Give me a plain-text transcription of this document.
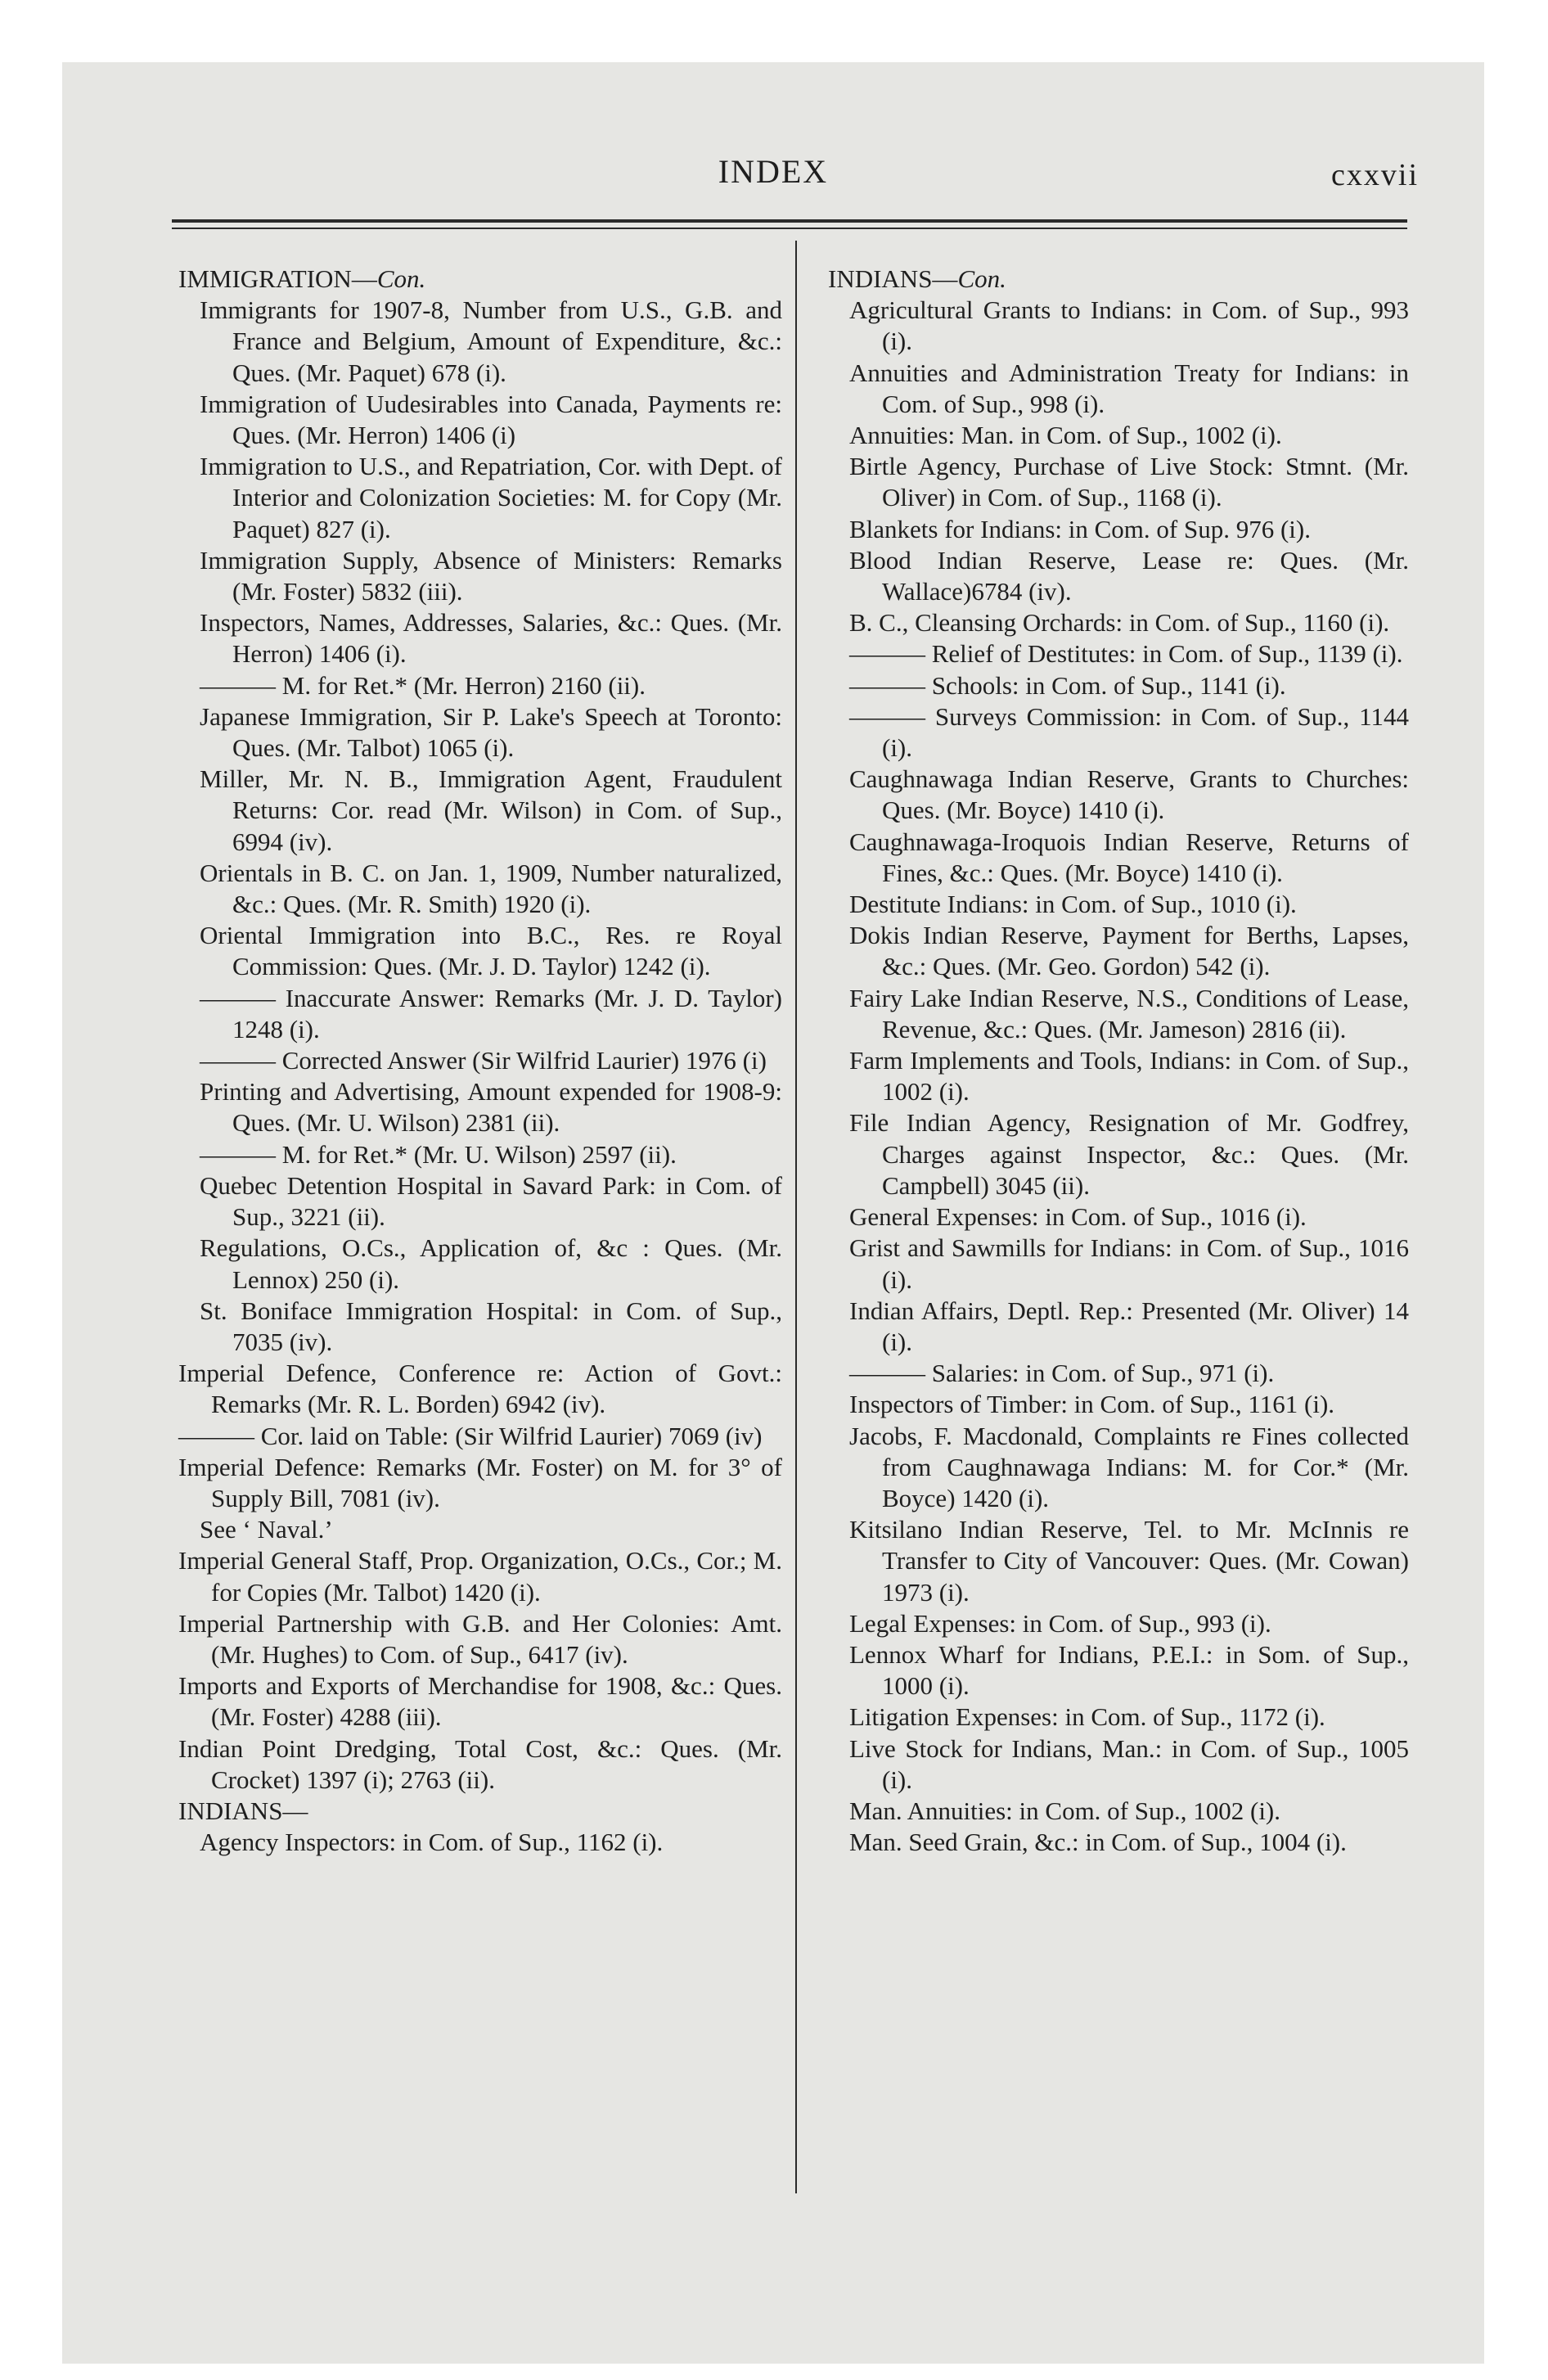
INDEX	cxxvii

IMMIGRATION—Con.

Immigrants for 1907-8, Number from U.S., G.B. and France and Belgium, Amount of Expenditure, &c.: Ques. (Mr. Paquet) 678 (i).

Immigration of Uudesirables into Canada, Payments re: Ques. (Mr. Herron) 1406 (i)

Immigration to U.S., and Repatriation, Cor. with Dept. of Interior and Colonization Societies: M. for Copy (Mr. Paquet) 827 (i).

Immigration Supply, Absence of Ministers: Remarks (Mr. Foster) 5832 (iii).

Inspectors, Names, Addresses, Salaries, &c.: Ques. (Mr. Herron) 1406 (i).

——— M. for Ret.* (Mr. Herron) 2160 (ii).

Japanese Immigration, Sir P. Lake's Speech at Toronto: Ques. (Mr. Talbot) 1065 (i).

Miller, Mr. N. B., Immigration Agent, Fraudulent Returns: Cor. read (Mr. Wilson) in Com. of Sup., 6994 (iv).

Orientals in B. C. on Jan. 1, 1909, Number naturalized, &c.: Ques. (Mr. R. Smith) 1920 (i).

Oriental Immigration into B.C., Res. re Royal Commission: Ques. (Mr. J. D. Taylor) 1242 (i).

——— Inaccurate Answer: Remarks (Mr. J. D. Taylor) 1248 (i).

——— Corrected Answer (Sir Wilfrid Laurier) 1976 (i)

Printing and Advertising, Amount expended for 1908-9: Ques. (Mr. U. Wilson) 2381 (ii).

——— M. for Ret.* (Mr. U. Wilson) 2597 (ii).

Quebec Detention Hospital in Savard Park: in Com. of Sup., 3221 (ii).

Regulations, O.Cs., Application of, &c : Ques. (Mr. Lennox) 250 (i).

St. Boniface Immigration Hospital: in Com. of Sup., 7035 (iv).

Imperial Defence, Conference re: Action of Govt.: Remarks (Mr. R. L. Borden) 6942 (iv).

——— Cor. laid on Table: (Sir Wilfrid Laurier) 7069 (iv)

Imperial Defence: Remarks (Mr. Foster) on M. for 3° of Supply Bill, 7081 (iv).

See ‘ Naval.’

Imperial General Staff, Prop. Organization, O.Cs., Cor.; M. for Copies (Mr. Talbot) 1420 (i).

Imperial Partnership with G.B. and Her Colonies: Amt. (Mr. Hughes) to Com. of Sup., 6417 (iv).

Imports and Exports of Merchandise for 1908, &c.: Ques. (Mr. Foster) 4288 (iii).

Indian Point Dredging, Total Cost, &c.: Ques. (Mr. Crocket) 1397 (i); 2763 (ii).

INDIANS—

Agency Inspectors: in Com. of Sup., 1162 (i).

INDIANS—Con.

Agricultural Grants to Indians: in Com. of Sup., 993 (i).

Annuities and Administration Treaty for Indians: in Com. of Sup., 998 (i).

Annuities: Man. in Com. of Sup., 1002 (i).

Birtle Agency, Purchase of Live Stock: Stmnt. (Mr. Oliver) in Com. of Sup., 1168 (i).

Blankets for Indians: in Com. of Sup. 976 (i).

Blood Indian Reserve, Lease re: Ques. (Mr. Wallace)6784 (iv).

B. C., Cleansing Orchards: in Com. of Sup., 1160 (i).

——— Relief of Destitutes: in Com. of Sup., 1139 (i).

——— Schools: in Com. of Sup., 1141 (i).

——— Surveys Commission: in Com. of Sup., 1144 (i).

Caughnawaga Indian Reserve, Grants to Churches: Ques. (Mr. Boyce) 1410 (i).

Caughnawaga-Iroquois Indian Reserve, Returns of Fines, &c.: Ques. (Mr. Boyce) 1410 (i).

Destitute Indians: in Com. of Sup., 1010 (i).

Dokis Indian Reserve, Payment for Berths, Lapses, &c.: Ques. (Mr. Geo. Gordon) 542 (i).

Fairy Lake Indian Reserve, N.S., Conditions of Lease, Revenue, &c.: Ques. (Mr. Jameson) 2816 (ii).

Farm Implements and Tools, Indians: in Com. of Sup., 1002 (i).

File Indian Agency, Resignation of Mr. Godfrey, Charges against Inspector, &c.: Ques. (Mr. Campbell) 3045 (ii).

General Expenses: in Com. of Sup., 1016 (i).

Grist and Sawmills for Indians: in Com. of Sup., 1016 (i).

Indian Affairs, Deptl. Rep.: Presented (Mr. Oliver) 14 (i).

——— Salaries: in Com. of Sup., 971 (i).

Inspectors of Timber: in Com. of Sup., 1161 (i).

Jacobs, F. Macdonald, Complaints re Fines collected from Caughnawaga Indians: M. for Cor.* (Mr. Boyce) 1420 (i).

Kitsilano Indian Reserve, Tel. to Mr. McInnis re Transfer to City of Vancouver: Ques. (Mr. Cowan) 1973 (i).

Legal Expenses: in Com. of Sup., 993 (i).

Lennox Wharf for Indians, P.E.I.: in Som. of Sup., 1000 (i).

Litigation Expenses: in Com. of Sup., 1172 (i).

Live Stock for Indians, Man.: in Com. of Sup., 1005 (i).

Man. Annuities: in Com. of Sup., 1002 (i).

Man. Seed Grain, &c.: in Com. of Sup., 1004 (i).
